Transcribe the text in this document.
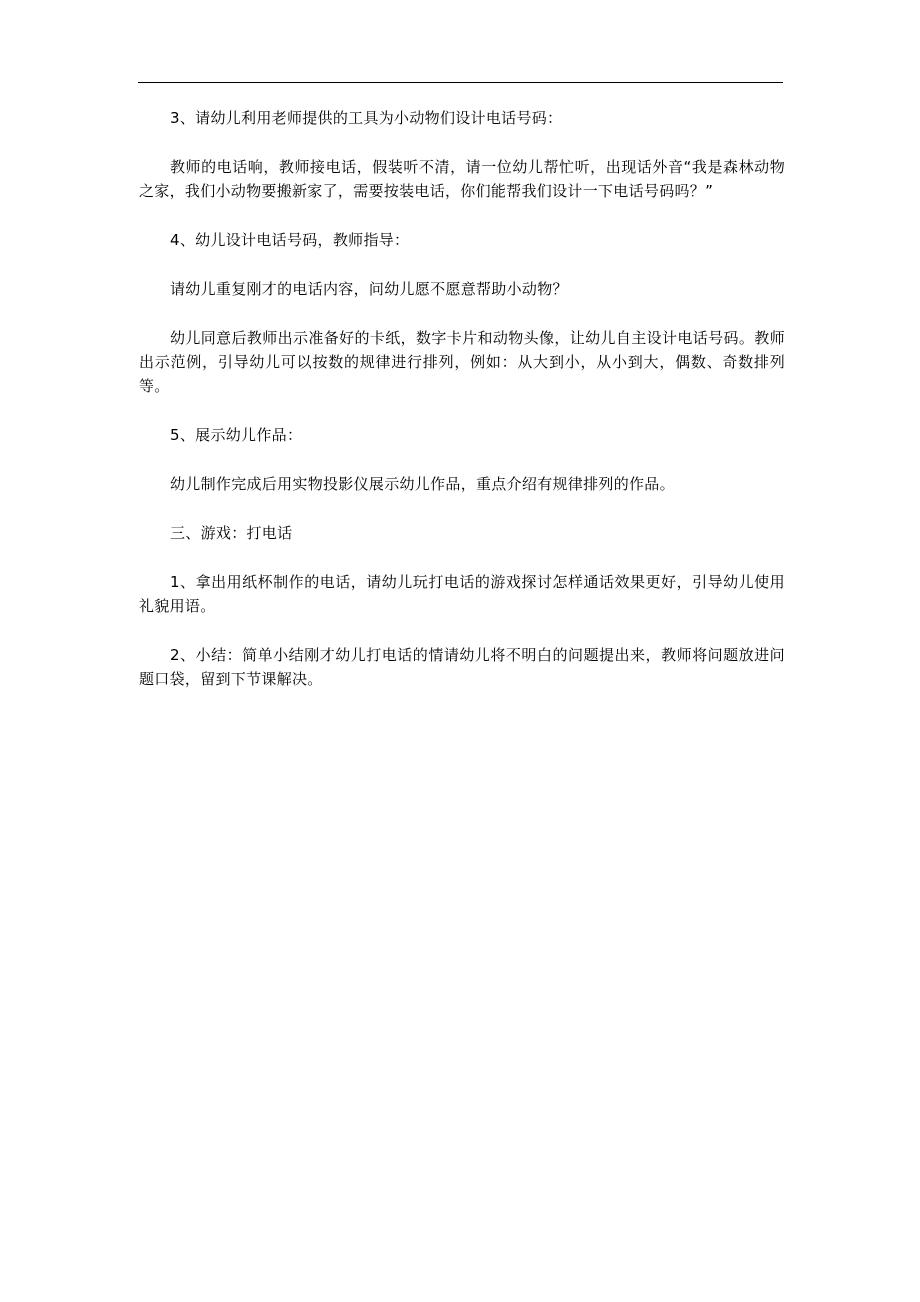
3、请幼儿利用老师提供的工具为小动物们设计电话号码：

教师的电话响，教师接电话，假装听不清，请一位幼儿帮忙听，出现话外音“我是森林动物之家，我们小动物要搬新家了，需要按装电话，你们能帮我们设计一下电话号码吗？”

4、幼儿设计电话号码，教师指导：

请幼儿重复刚才的电话内容，问幼儿愿不愿意帮助小动物？

幼儿同意后教师出示准备好的卡纸，数字卡片和动物头像，让幼儿自主设计电话号码。教师出示范例，引导幼儿可以按数的规律进行排列，例如：从大到小，从小到大，偶数、奇数排列等。

5、展示幼儿作品：

幼儿制作完成后用实物投影仪展示幼儿作品，重点介绍有规律排列的作品。

三、游戏：打电话

1、拿出用纸杯制作的电话，请幼儿玩打电话的游戏探讨怎样通话效果更好，引导幼儿使用礼貌用语。

2、小结：简单小结刚才幼儿打电话的情请幼儿将不明白的问题提出来，教师将问题放进问题口袋，留到下节课解决。
